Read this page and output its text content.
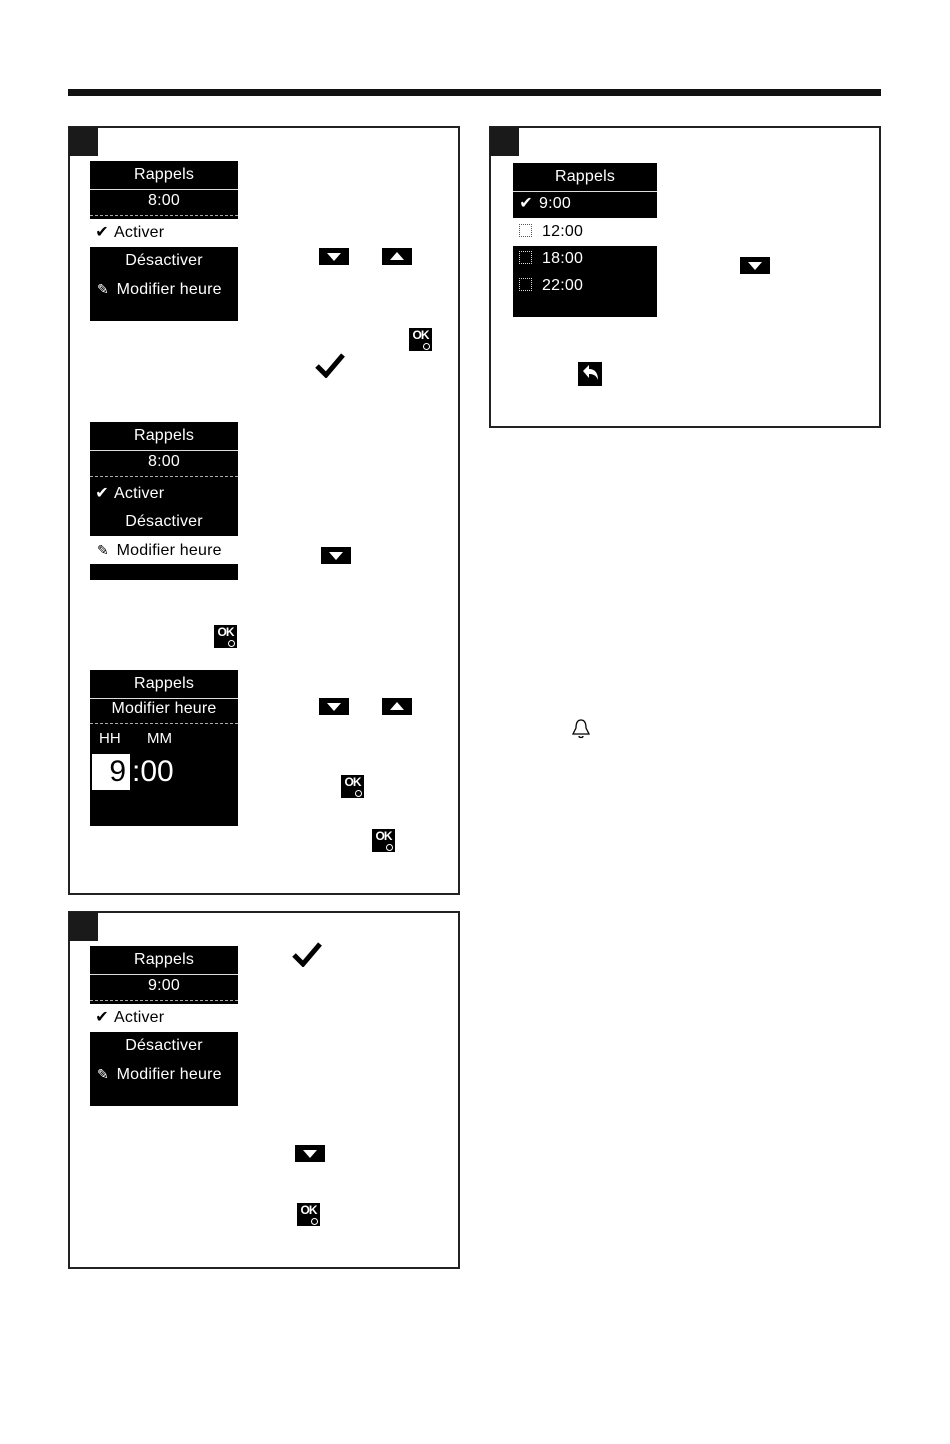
Rappels
8:00
✔ Activer
Désactiver
✎ Modifier heure
OK
Rappels
8:00
✔ Activer
Désactiver
✎ Modifier heure
OK
Rappels
Modifier heure
HH MM
9 :00	OK
OK
Rappels
9:00
✔ Activer
Désactiver
✎ Modifier heure
OK
Rappels
✔ 9:00
12:00
18:00
22:00
